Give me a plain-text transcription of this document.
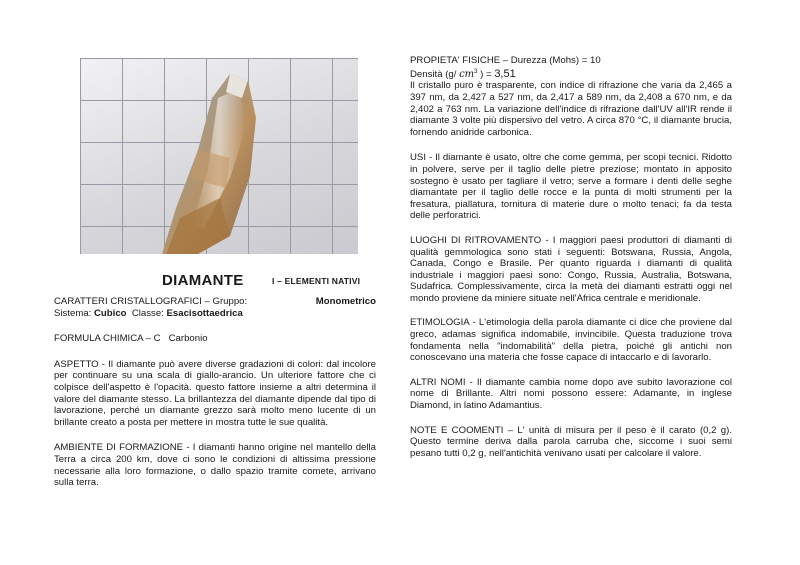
DIAMANTE	I – ELEMENTI NATIVI

CARATTERI CRISTALLOGRAFICI – Gruppo:	Monometrico

Sistema: Cubico Classe: Esacisottaedrica

FORMULA CHIMICA – C Carbonio

ASPETTO - Il diamante può avere diverse gradazioni di colori: dal incolore per continuare su una scala di giallo-arancio. Un ulteriore fattore che ci colpisce dell'aspetto è l'opacità. questo fattore insieme a altri determina il valore del diamante stesso. La brillantezza del diamante dipende dal tipo di lavorazione, perché un diamante grezzo sarà molto meno lucente di un brillante creato a posta per mettere in mostra tutte le sue qualità.

AMBIENTE DI FORMAZIONE - I diamanti hanno origine nel mantello della Terra a circa 200 km, dove ci sono le condizioni di altissima pressione necessarie alla loro formazione, o dallo spazio tramite comete, arrivano sulla terra.

PROPIETA' FISICHE – Durezza (Mohs) = 10
Densità (g/ $cm^3$ ) = 3,51
Il cristallo puro è trasparente, con indice di rifrazione che varia da 2,465 a 397 nm, da 2,427 a 527 nm, da 2,417 a 589 nm, da 2,408 a 670 nm, e da 2,402 a 763 nm. La variazione dell'indice di rifrazione dall'UV all'IR rende il diamante 3 volte più dispersivo del vetro. A circa 870 °C, il diamante brucia, fornendo anidride carbonica.

USI - Il diamante è usato, oltre che come gemma, per scopi tecnici. Ridotto in polvere, serve per il taglio delle pietre preziose; montato in apposito sostegno è usato per tagliare il vetro; serve a formare i denti delle seghe diamantate per il taglio delle rocce e la punta di molti strumenti per la fresatura, piallatura, tornitura di materie dure o molto tenaci; fa da testa delle perforatrici.

LUOGHI DI RITROVAMENTO - I maggiori paesi produttori di diamanti di qualità gemmologica sono stati i seguenti: Botswana, Russia, Angola, Canada, Congo e Brasile. Per quanto riguarda i diamanti di qualità industriale i maggiori paesi sono: Congo, Russia, Australia, Botswana, Sudafrica. Complessivamente, circa la metà dei diamanti estratti oggi nel mondo proviene da miniere situate nell'Africa centrale e meridionale.

ETIMOLOGIA - L'etimologia della parola diamante ci dice che proviene dal greco, adamas significa indomabile, invincibile. Questa traduzione trova fondamenta nella "indomabilità" della pietra, poiché gli antichi non conoscevano una materia che fosse capace di intaccarlo e di lavorarlo.

ALTRI NOMI - Il diamante cambia nome dopo ave subito lavorazione col nome di Brillante. Altri nomi possono essere: Adamante, in inglese Diamond, in latino Adamantius.

NOTE E COOMENTI – L' unità di misura per il peso è il carato (0,2 g). Questo termine deriva dalla parola carruba che, siccome i suoi semi pesano tutti 0,2 g, nell'antichità venivano usati per calcolare il valore.
